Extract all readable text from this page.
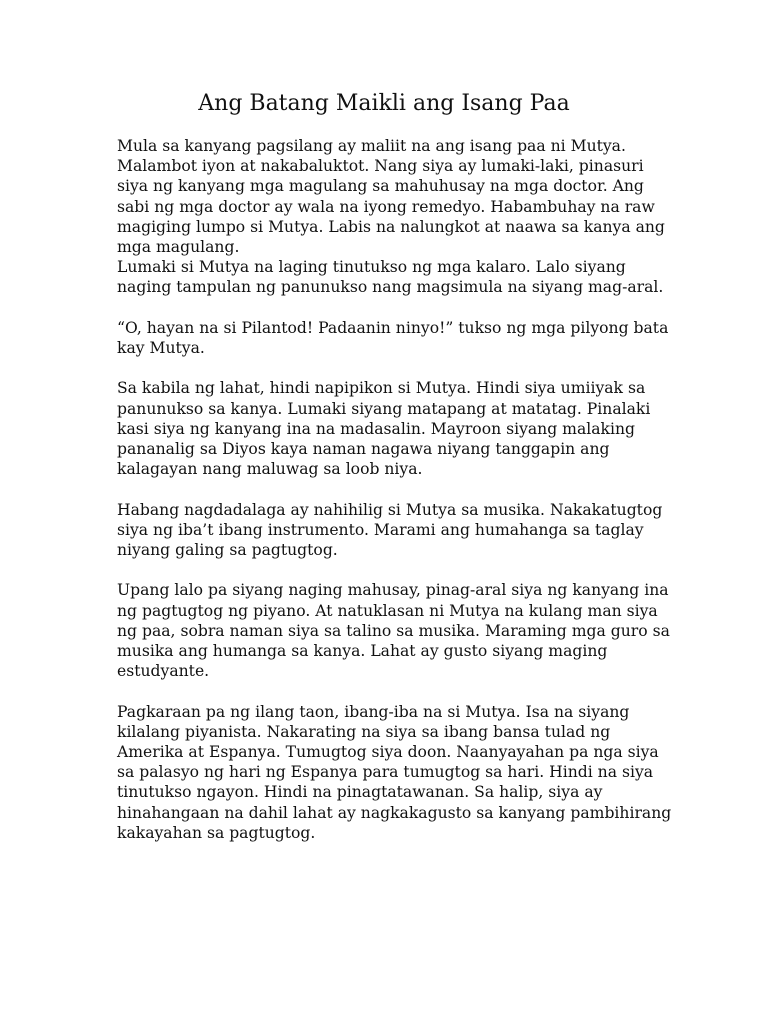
Ang Batang Maikli ang Isang Paa

Mula sa kanyang pagsilang ay maliit na ang isang paa ni Mutya.
Malambot iyon at nakabaluktot. Nang siya ay lumaki-laki, pinasuri
siya ng kanyang mga magulang sa mahuhusay na mga doctor. Ang
sabi ng mga doctor ay wala na iyong remedyo. Habambuhay na raw
magiging lumpo si Mutya. Labis na nalungkot at naawa sa kanya ang
mga magulang.

Lumaki si Mutya na laging tinutukso ng mga kalaro. Lalo siyang
naging tampulan ng panunukso nang magsimula na siyang mag-aral.

“O, hayan na si Pilantod! Padaanin ninyo!” tukso ng mga pilyong bata
kay Mutya.

Sa kabila ng lahat, hindi napipikon si Mutya. Hindi siya umiiyak sa
panunukso sa kanya. Lumaki siyang matapang at matatag. Pinalaki
kasi siya ng kanyang ina na madasalin. Mayroon siyang malaking
pananalig sa Diyos kaya naman nagawa niyang tanggapin ang
kalagayan nang maluwag sa loob niya.

Habang nagdadalaga ay nahihilig si Mutya sa musika. Nakakatugtog
siya ng iba’t ibang instrumento. Marami ang humahanga sa taglay
niyang galing sa pagtugtog.

Upang lalo pa siyang naging mahusay, pinag-aral siya ng kanyang ina
ng pagtugtog ng piyano. At natuklasan ni Mutya na kulang man siya
ng paa, sobra naman siya sa talino sa musika. Maraming mga guro sa
musika ang humanga sa kanya. Lahat ay gusto siyang maging
estudyante.

Pagkaraan pa ng ilang taon, ibang-iba na si Mutya. Isa na siyang
kilalang piyanista. Nakarating na siya sa ibang bansa tulad ng
Amerika at Espanya. Tumugtog siya doon. Naanyayahan pa nga siya
sa palasyo ng hari ng Espanya para tumugtog sa hari. Hindi na siya
tinutukso ngayon. Hindi na pinagtatawanan. Sa halip, siya ay
hinahangaan na dahil lahat ay nagkakagusto sa kanyang pambihirang
kakayahan sa pagtugtog.
